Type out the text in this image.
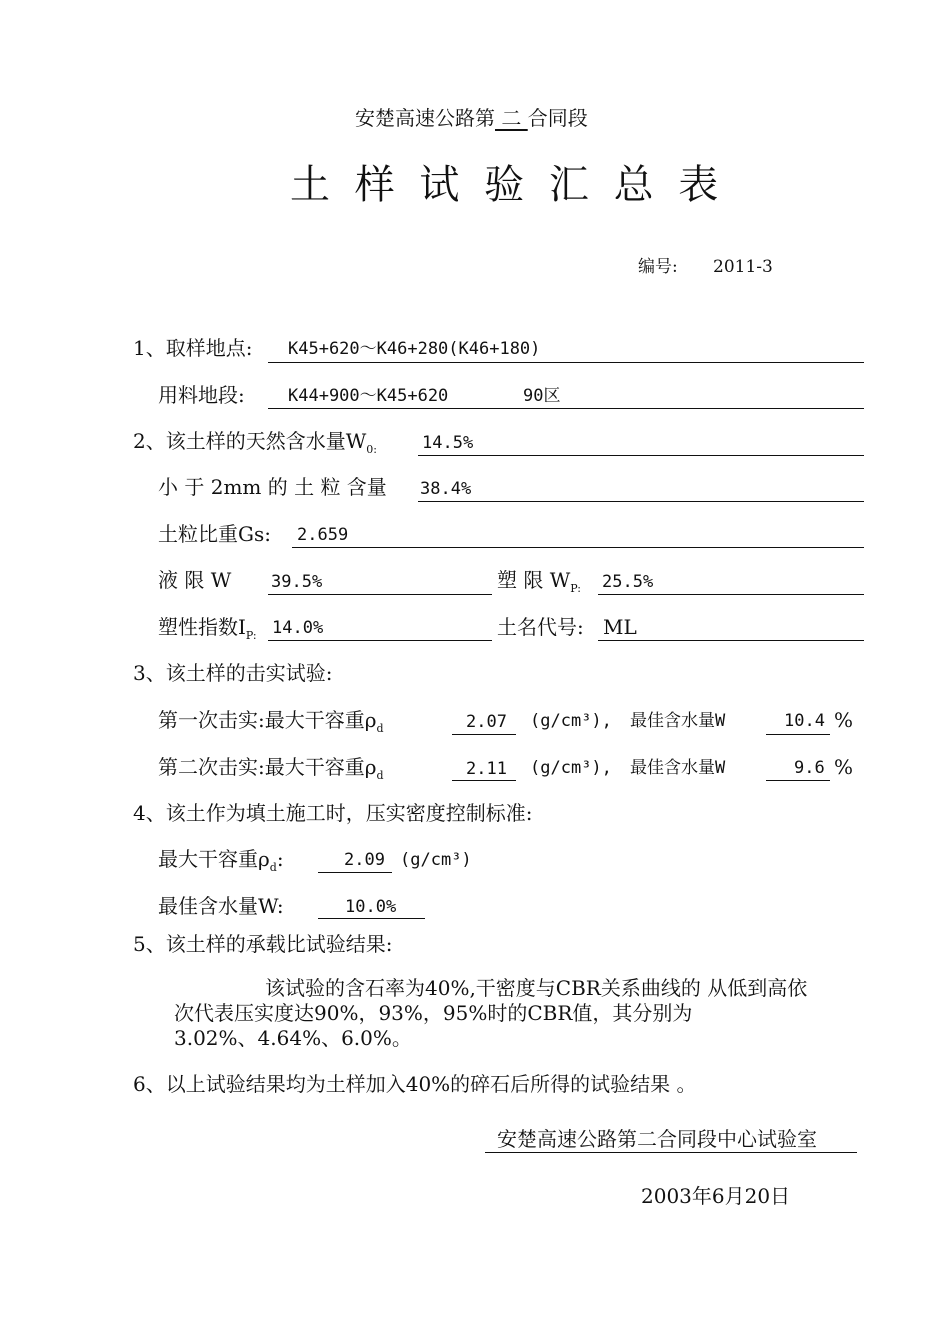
安楚高速公路第 二 合同段
土 样 试 验 汇 总 表
编号: 2011-3
1、取样地点: K45+620～K46+280(K46+180)
用料地段:	K44+900～K45+620	90区
2、该土样的天然含水量$W_{0:}$	14.5%
小 于 2mm 的 土 粒 含量 38.4%
土粒比重Gs: 2.659
液 限 W 39.5%	塑 限 $W_{P:}$ 25.5%
塑性指数$I_{P:}$ 14.0%	土名代号: ML
3、该土样的击实试验:
第一次击实:最大干容重$\rho_d$	2.07 (g/cm³), 最佳含水量W	10.4 %
第二次击实:最大干容重$\rho_d$	2.11 (g/cm³), 最佳含水量W	9.6 %
4、该土作为填土施工时，压实密度控制标准:
最大干容重$\rho_d$:	2.09 (g/cm³)
最佳含水量W:	10.0%
5、该土样的承载比试验结果:
该试验的含石率为40%,干密度与CBR关系曲线的 从低到高依
次代表压实度达90%，93%，95%时的CBR值，其分别为
3.02%、4.64%、6.0%。
6、以上试验结果均为土样加入40%的碎石后所得的试验结果 。
安楚高速公路第二合同段中心试验室
2003年6月20日
